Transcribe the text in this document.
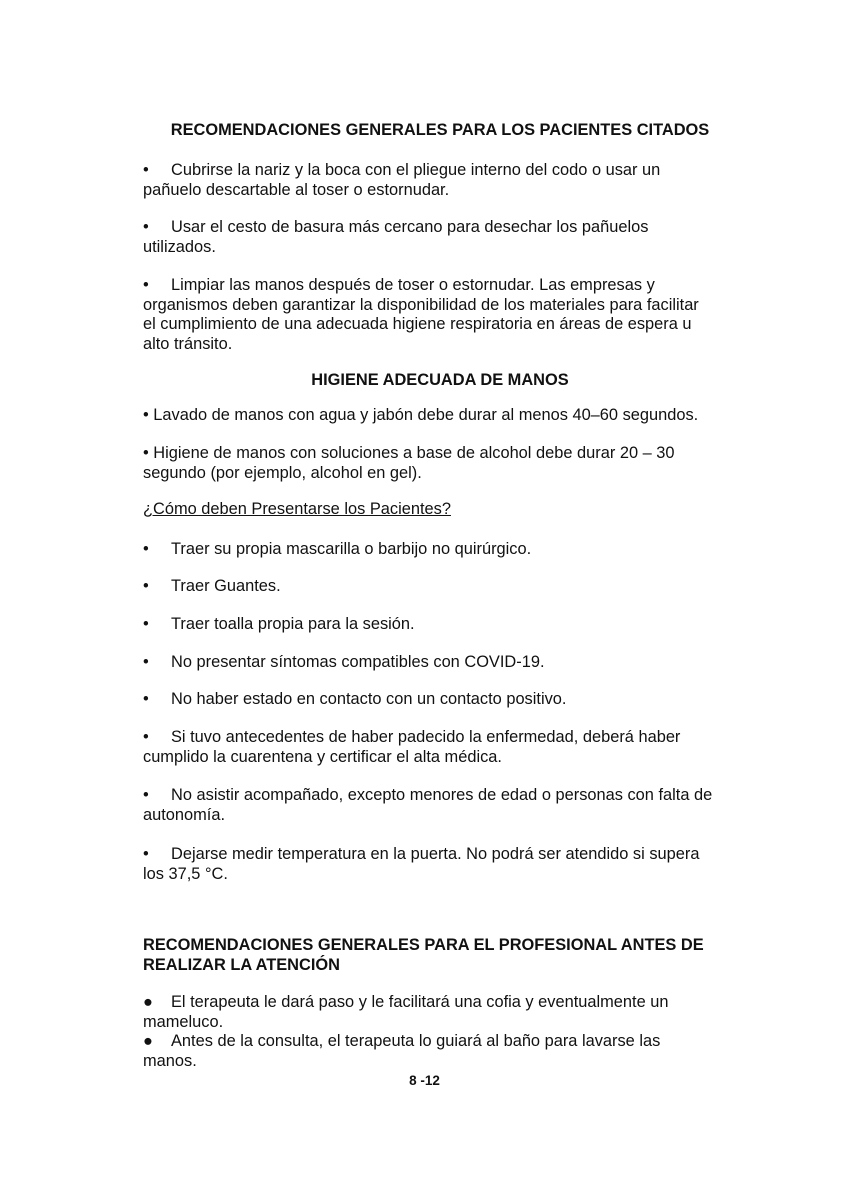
RECOMENDACIONES GENERALES PARA LOS PACIENTES CITADOS

• Cubrirse la nariz y la boca con el pliegue interno del codo o usar un pañuelo descartable al toser o estornudar.

• Usar el cesto de basura más cercano para desechar los pañuelos utilizados.

• Limpiar las manos después de toser o estornudar. Las empresas y organismos deben garantizar la disponibilidad de los materiales para facilitar el cumplimiento de una adecuada higiene respiratoria en áreas de espera u alto tránsito.

HIGIENE ADECUADA DE MANOS

• Lavado de manos con agua y jabón debe durar al menos 40–60 segundos.

• Higiene de manos con soluciones a base de alcohol debe durar 20 – 30 segundo (por ejemplo, alcohol en gel).

¿Cómo deben Presentarse los Pacientes?

• Traer su propia mascarilla o barbijo no quirúrgico.

• Traer Guantes.

• Traer toalla propia para la sesión.

• No presentar síntomas compatibles con COVID-19.

• No haber estado en contacto con un contacto positivo.

• Si tuvo antecedentes de haber padecido la enfermedad, deberá haber cumplido la cuarentena y certificar el alta médica.

• No asistir acompañado, excepto menores de edad o personas con falta de autonomía.

• Dejarse medir temperatura en la puerta. No podrá ser atendido si supera los 37,5 °C.

RECOMENDACIONES GENERALES PARA EL PROFESIONAL ANTES DE REALIZAR LA ATENCIÓN

● El terapeuta le dará paso y le facilitará una cofia y eventualmente un mameluco.

● Antes de la consulta, el terapeuta lo guiará al baño para lavarse las manos.

8 -12
